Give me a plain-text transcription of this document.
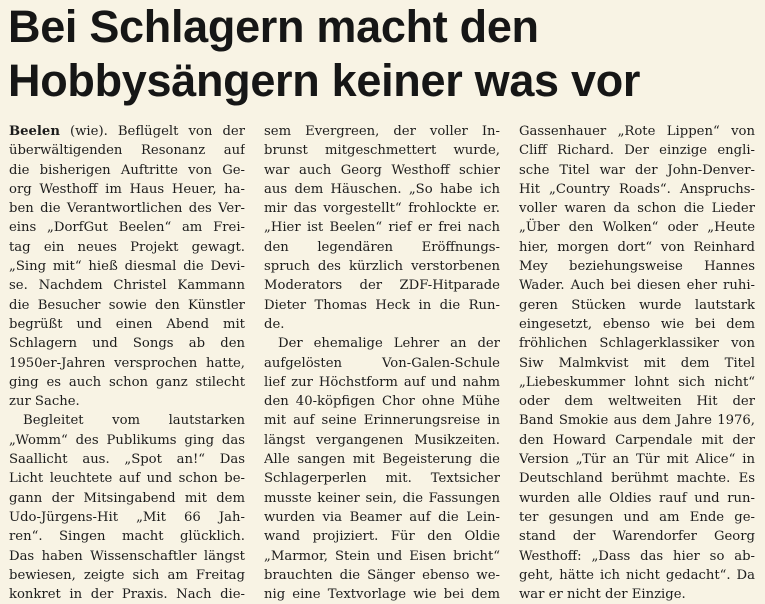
Bei Schlagern macht den
Hobbysängern keiner was vor
Beelen (wie). Beflügelt von der
überwältigenden Resonanz auf
die bisherigen Auftritte von Ge-
org Westhoff im Haus Heuer, ha-
ben die Verantwortlichen des Ver-
eins „DorfGut Beelen“ am Frei-
tag ein neues Projekt gewagt.
„Sing mit“ hieß diesmal die Devi-
se. Nachdem Christel Kammann
die Besucher sowie den Künstler
begrüßt und einen Abend mit
Schlagern und Songs ab den
1950er-Jahren versprochen hatte,
ging es auch schon ganz stilecht
zur Sache.
Begleitet vom lautstarken
„Womm“ des Publikums ging das
Saallicht aus. „Spot an!“ Das
Licht leuchtete auf und schon be-
gann der Mitsingabend mit dem
Udo-Jürgens-Hit „Mit 66 Jah-
ren“. Singen macht glücklich.
Das haben Wissenschaftler längst
bewiesen, zeigte sich am Freitag
konkret in der Praxis. Nach die-
sem Evergreen, der voller In-
brunst mitgeschmettert wurde,
war auch Georg Westhoff schier
aus dem Häuschen. „So habe ich
mir das vorgestellt“ frohlockte er.
„Hier ist Beelen“ rief er frei nach
den legendären Eröffnungs-
spruch des kürzlich verstorbenen
Moderators der ZDF-Hitparade
Dieter Thomas Heck in die Run-
de.
Der ehemalige Lehrer an der
aufgelösten Von-Galen-Schule
lief zur Höchstform auf und nahm
den 40-köpfigen Chor ohne Mühe
mit auf seine Erinnerungsreise in
längst vergangenen Musikzeiten.
Alle sangen mit Begeisterung die
Schlagerperlen mit. Textsicher
musste keiner sein, die Fassungen
wurden via Beamer auf die Lein-
wand projiziert. Für den Oldie
„Marmor, Stein und Eisen bricht“
brauchten die Sänger ebenso we-
nig eine Textvorlage wie bei dem
Gassenhauer „Rote Lippen“ von
Cliff Richard. Der einzige engli-
sche Titel war der John-Denver-
Hit „Country Roads“. Anspruchs-
voller waren da schon die Lieder
„Über den Wolken“ oder „Heute
hier, morgen dort“ von Reinhard
Mey beziehungsweise Hannes
Wader. Auch bei diesen eher ruhi-
geren Stücken wurde lautstark
eingesetzt, ebenso wie bei dem
fröhlichen Schlagerklassiker von
Siw Malmkvist mit dem Titel
„Liebeskummer lohnt sich nicht“
oder dem weltweiten Hit der
Band Smokie aus dem Jahre 1976,
den Howard Carpendale mit der
Version „Tür an Tür mit Alice“ in
Deutschland berühmt machte. Es
wurden alle Oldies rauf und run-
ter gesungen und am Ende ge-
stand der Warendorfer Georg
Westhoff: „Dass das hier so ab-
geht, hätte ich nicht gedacht“. Da
war er nicht der Einzige.
